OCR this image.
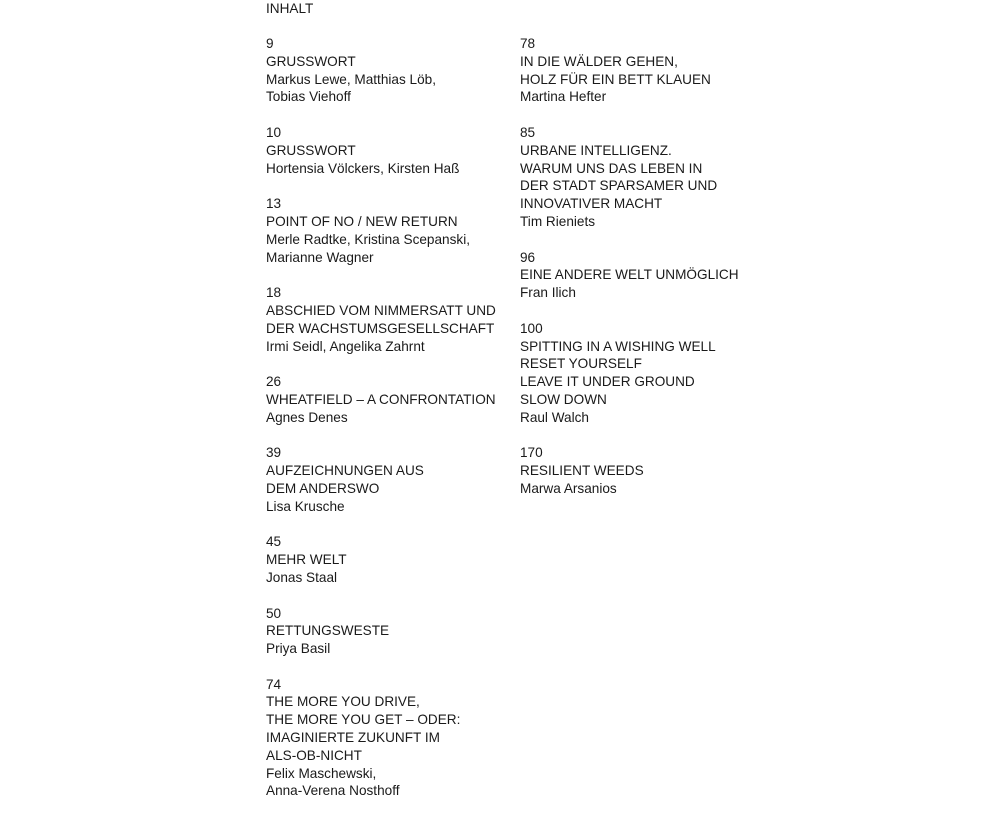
INHALT
9
GRUSSWORT
Markus Lewe, Matthias Löb,
Tobias Viehoff
10
GRUSSWORT
Hortensia Völckers, Kirsten Haß
13
POINT OF NO / NEW RETURN
Merle Radtke, Kristina Scepanski,
Marianne Wagner
18
ABSCHIED VOM NIMMERSATT UND
DER WACHSTUMSGESELLSCHAFT
Irmi Seidl, Angelika Zahrnt
26
WHEATFIELD – A CONFRONTATION
Agnes Denes
39
AUFZEICHNUNGEN AUS
DEM ANDERSWO
Lisa Krusche
45
MEHR WELT
Jonas Staal
50
RETTUNGSWESTE
Priya Basil
74
THE MORE YOU DRIVE,
THE MORE YOU GET – ODER:
IMAGINIERTE ZUKUNFT IM
ALS-OB-NICHT
Felix Maschewski,
Anna-Verena Nosthoff
78
IN DIE WÄLDER GEHEN,
HOLZ FÜR EIN BETT KLAUEN
Martina Hefter
85
URBANE INTELLIGENZ.
WARUM UNS DAS LEBEN IN
DER STADT SPARSAMER UND
INNOVATIVER MACHT
Tim Rieniets
96
EINE ANDERE WELT UNMÖGLICH
Fran Ilich
100
SPITTING IN A WISHING WELL
RESET YOURSELF
LEAVE IT UNDER GROUND
SLOW DOWN
Raul Walch
170
RESILIENT WEEDS
Marwa Arsanios
